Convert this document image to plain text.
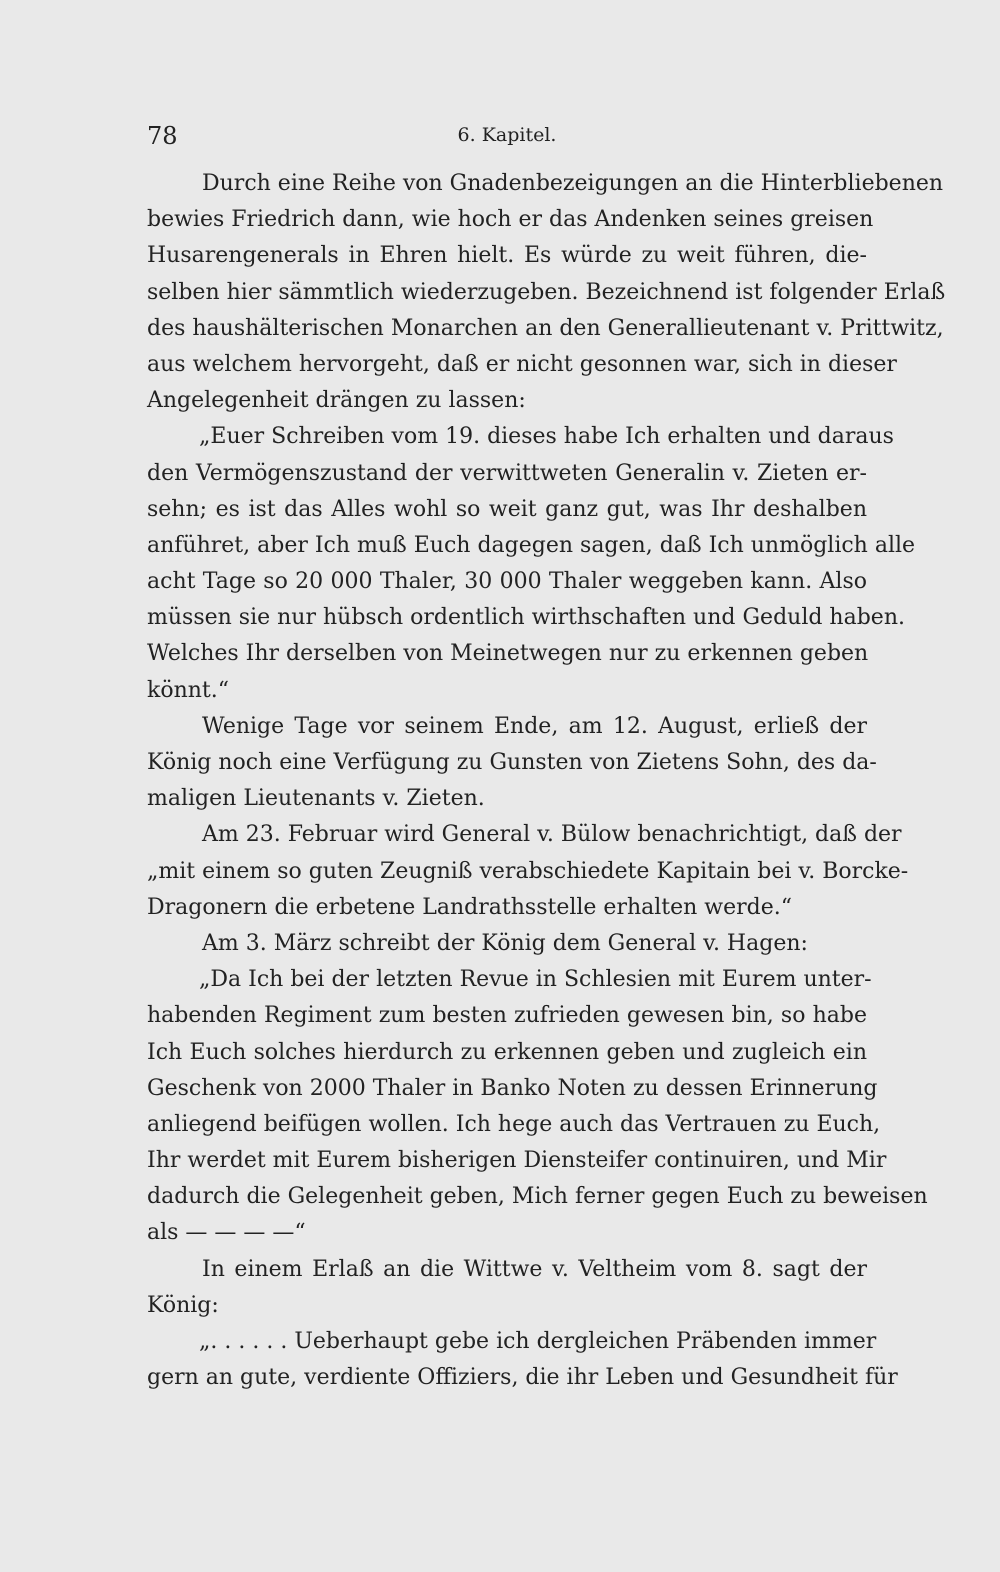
78	6. Kapitel.
Durch eine Reihe von Gnadenbezeigungen an die Hinterbliebenen
bewies Friedrich dann, wie hoch er das Andenken seines greisen
Husarengenerals in Ehren hielt. Es würde zu weit führen, die-
selben hier sämmtlich wiederzugeben. Bezeichnend ist folgender Erlaß
des haushälterischen Monarchen an den Generallieutenant v. Prittwitz,
aus welchem hervorgeht, daß er nicht gesonnen war, sich in dieser
Angelegenheit drängen zu lassen:
„Euer Schreiben vom 19. dieses habe Ich erhalten und daraus
den Vermögenszustand der verwittweten Generalin v. Zieten er-
sehn; es ist das Alles wohl so weit ganz gut, was Ihr deshalben
anführet, aber Ich muß Euch dagegen sagen, daß Ich unmöglich alle
acht Tage so 20 000 Thaler, 30 000 Thaler weggeben kann. Also
müssen sie nur hübsch ordentlich wirthschaften und Geduld haben.
Welches Ihr derselben von Meinetwegen nur zu erkennen geben
könnt.“
Wenige Tage vor seinem Ende, am 12. August, erließ der
König noch eine Verfügung zu Gunsten von Zietens Sohn, des da-
maligen Lieutenants v. Zieten.
Am 23. Februar wird General v. Bülow benachrichtigt, daß der
„mit einem so guten Zeugniß verabschiedete Kapitain bei v. Borcke-
Dragonern die erbetene Landrathsstelle erhalten werde.“
Am 3. März schreibt der König dem General v. Hagen:
„Da Ich bei der letzten Revue in Schlesien mit Eurem unter-
habenden Regiment zum besten zufrieden gewesen bin, so habe
Ich Euch solches hierdurch zu erkennen geben und zugleich ein
Geschenk von 2000 Thaler in Banko Noten zu dessen Erinnerung
anliegend beifügen wollen. Ich hege auch das Vertrauen zu Euch,
Ihr werdet mit Eurem bisherigen Diensteifer continuiren, und Mir
dadurch die Gelegenheit geben, Mich ferner gegen Euch zu beweisen
als — — — —“
In einem Erlaß an die Wittwe v. Veltheim vom 8. sagt der
König:
„. . . . . . Ueberhaupt gebe ich dergleichen Präbenden immer
gern an gute, verdiente Offiziers, die ihr Leben und Gesundheit für
